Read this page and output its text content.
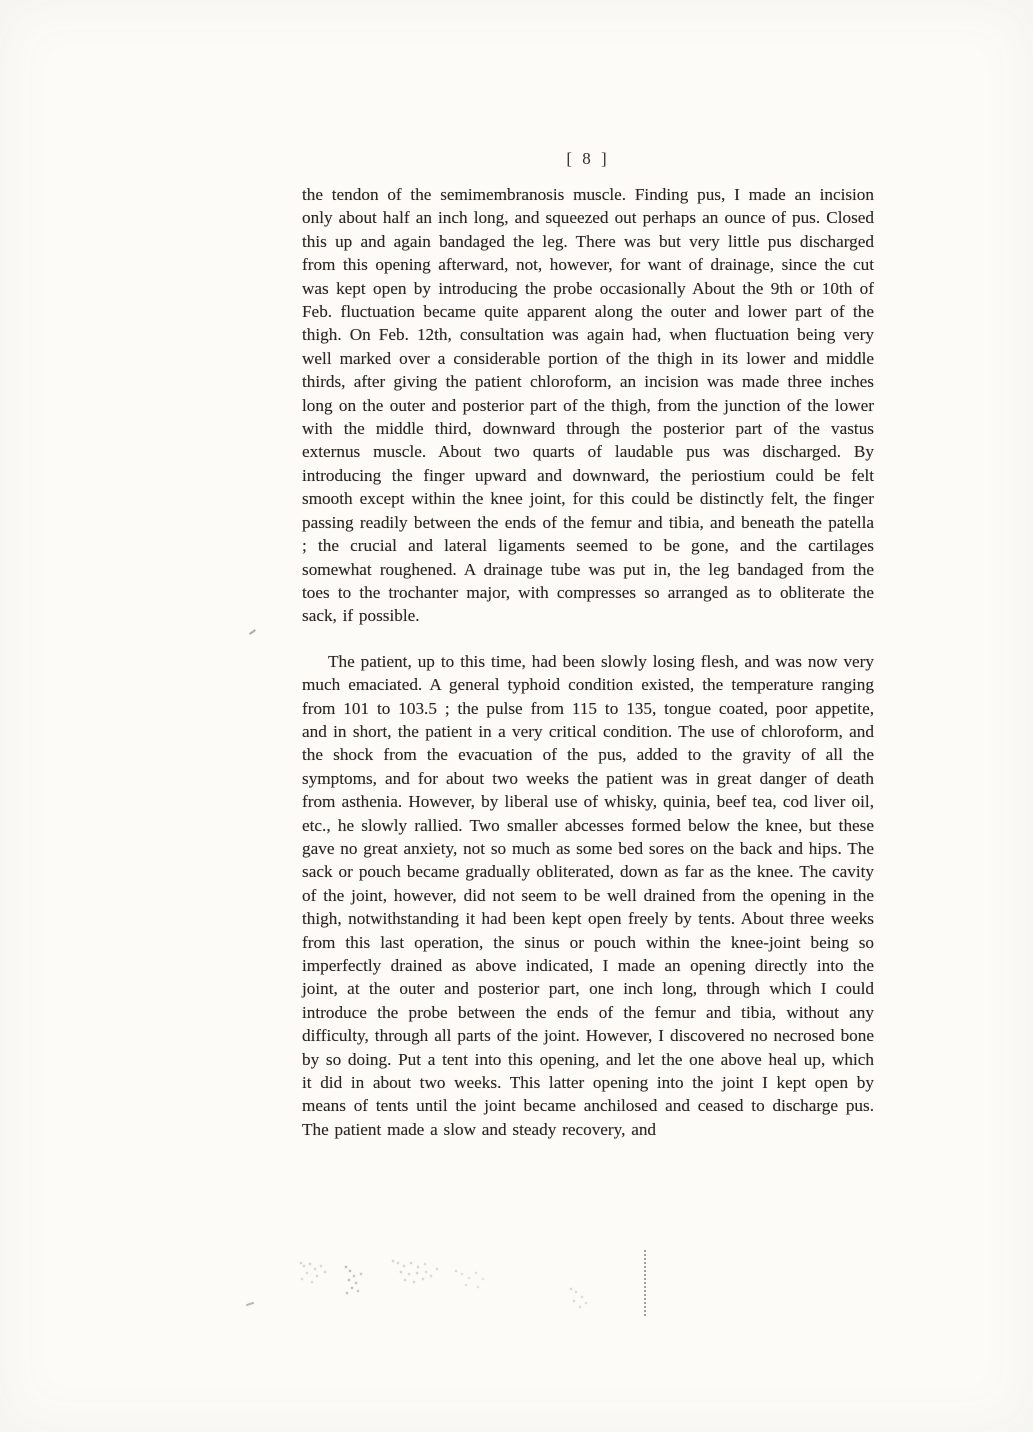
[ 8 ]

the tendon of the semimembranosis muscle. Finding pus, I made an incision only about half an inch long, and squeezed out perhaps an ounce of pus. Closed this up and again bandaged the leg. There was but very little pus discharged from this opening afterward, not, however, for want of drainage, since the cut was kept open by introducing the probe occasionally About the 9th or 10th of Feb. fluctuation became quite apparent along the outer and lower part of the thigh. On Feb. 12th, consultation was again had, when fluctuation being very well marked over a considerable portion of the thigh in its lower and middle thirds, after giving the patient chloroform, an incision was made three inches long on the outer and posterior part of the thigh, from the junction of the lower with the middle third, downward through the posterior part of the vastus externus muscle. About two quarts of laudable pus was discharged. By introducing the finger upward and downward, the periostium could be felt smooth except within the knee joint, for this could be distinctly felt, the finger passing readily between the ends of the femur and tibia, and beneath the patella ; the crucial and lateral ligaments seemed to be gone, and the cartilages somewhat roughened. A drainage tube was put in, the leg bandaged from the toes to the trochanter major, with compresses so arranged as to obliterate the sack, if possible.

The patient, up to this time, had been slowly losing flesh, and was now very much emaciated. A general typhoid condition existed, the temperature ranging from 101 to 103.5 ; the pulse from 115 to 135, tongue coated, poor appetite, and in short, the patient in a very critical condition. The use of chloroform, and the shock from the evacuation of the pus, added to the gravity of all the symptoms, and for about two weeks the patient was in great danger of death from asthenia. However, by liberal use of whisky, quinia, beef tea, cod liver oil, etc., he slowly rallied. Two smaller abcesses formed below the knee, but these gave no great anxiety, not so much as some bed sores on the back and hips. The sack or pouch became gradually obliterated, down as far as the knee. The cavity of the joint, however, did not seem to be well drained from the opening in the thigh, notwithstanding it had been kept open freely by tents. About three weeks from this last operation, the sinus or pouch within the knee-joint being so imperfectly drained as above indicated, I made an opening directly into the joint, at the outer and posterior part, one inch long, through which I could introduce the probe between the ends of the femur and tibia, without any difficulty, through all parts of the joint. However, I discovered no necrosed bone by so doing. Put a tent into this opening, and let the one above heal up, which it did in about two weeks. This latter opening into the joint I kept open by means of tents until the joint became anchilosed and ceased to discharge pus. The patient made a slow and steady recovery, and
